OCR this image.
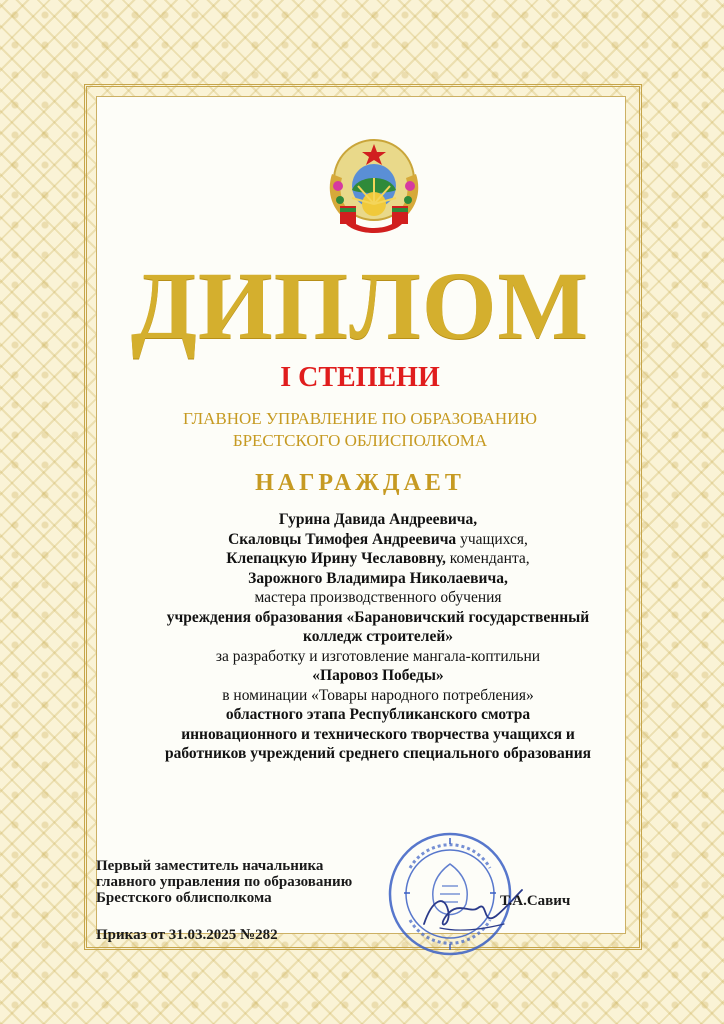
ДИПЛОМ
I СТЕПЕНИ
ГЛАВНОЕ УПРАВЛЕНИЕ ПО ОБРАЗОВАНИЮ
БРЕСТСКОГО ОБЛИСПОЛКОМА
НАГРАЖДАЕТ
Гурина Давида Андреевича,
Скаловцы Тимофея Андреевича учащихся,
Клепацкую Ирину Чеславовну, коменданта,
Зарожного Владимира Николаевича,
мастера производственного обучения
учреждения образования «Барановичский государственный
колледж строителей»
за разработку и изготовление мангала-коптильни
«Паровоз Победы»
в номинации «Товары народного потребления»
областного этапа Республиканского смотра
инновационного и технического творчества учащихся и
работников учреждений среднего специального образования
Первый заместитель начальника
главного управления по образованию
Брестского облисполкома	Т.А.Савич
Приказ от 31.03.2025 №282
